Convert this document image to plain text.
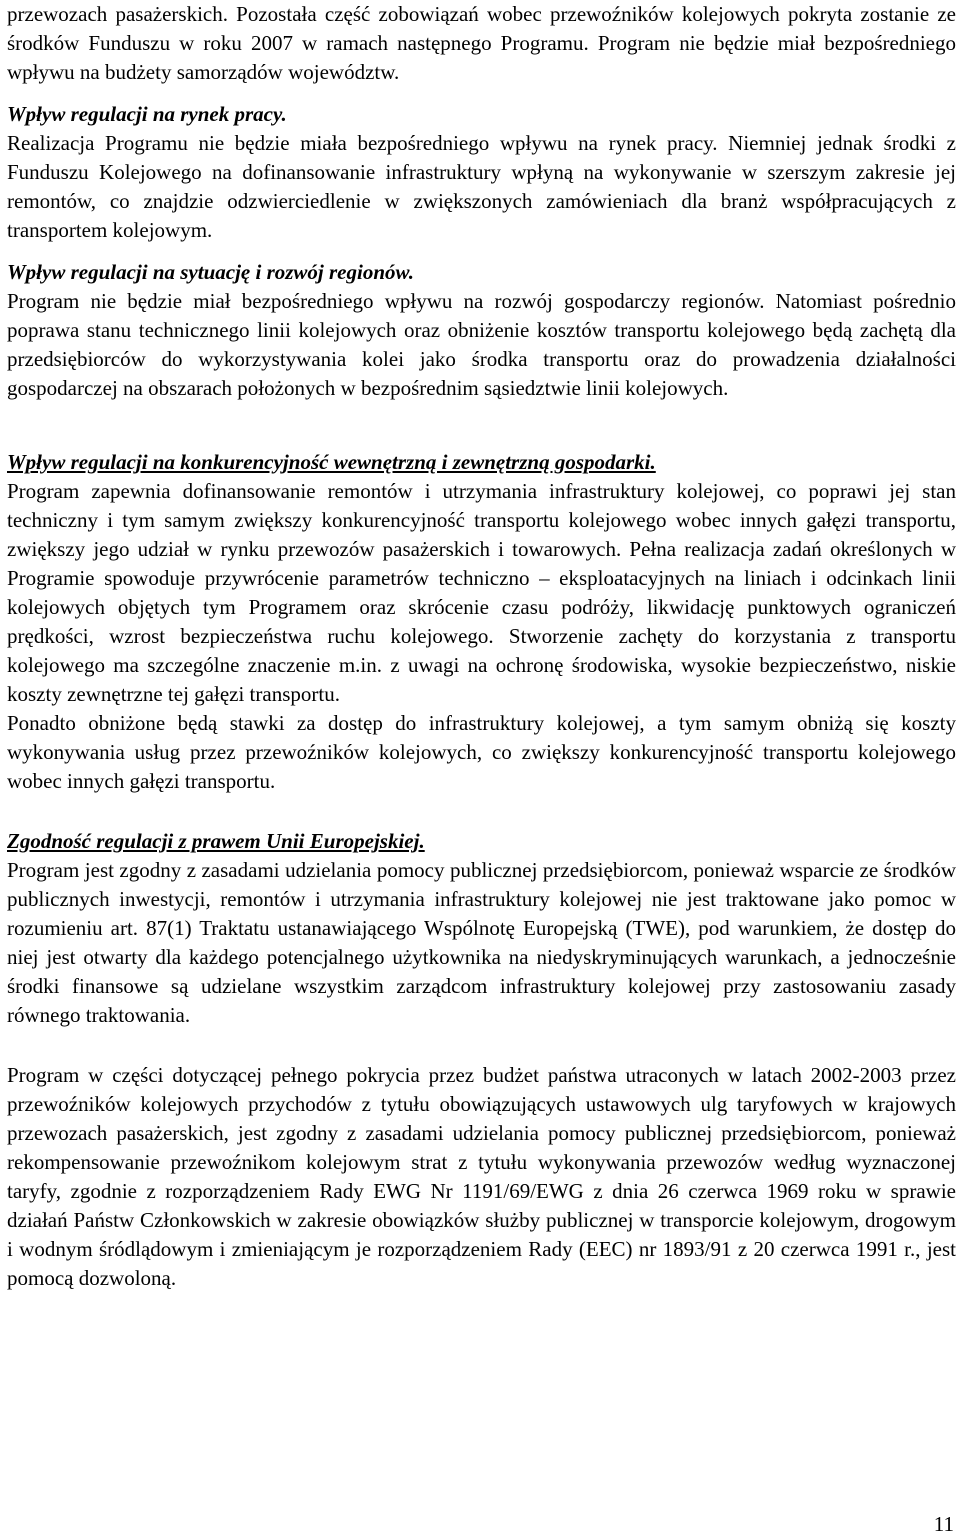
przewozach pasażerskich. Pozostała część zobowiązań wobec przewoźników kolejowych pokryta zostanie ze środków Funduszu w roku 2007 w ramach następnego Programu. Program nie będzie miał bezpośredniego wpływu na budżety samorządów województw.

Wpływ regulacji na rynek pracy.

Realizacja Programu nie będzie miała bezpośredniego wpływu na rynek pracy. Niemniej jednak środki z Funduszu Kolejowego na dofinansowanie infrastruktury wpłyną na wykonywanie w szerszym zakresie jej remontów, co znajdzie odzwierciedlenie w zwiększonych zamówieniach dla branż współpracujących z transportem kolejowym.

Wpływ regulacji na sytuację i rozwój regionów.

Program nie będzie miał bezpośredniego wpływu na rozwój gospodarczy regionów. Natomiast pośrednio poprawa stanu technicznego linii kolejowych oraz obniżenie kosztów transportu kolejowego będą zachętą dla przedsiębiorców do wykorzystywania kolei jako środka transportu oraz do prowadzenia działalności gospodarczej na obszarach położonych w bezpośrednim sąsiedztwie linii kolejowych.

Wpływ regulacji na konkurencyjność wewnętrzną i zewnętrzną gospodarki.

Program zapewnia dofinansowanie remontów i utrzymania infrastruktury kolejowej, co poprawi jej stan techniczny i tym samym zwiększy konkurencyjność transportu kolejowego wobec innych gałęzi transportu, zwiększy jego udział w rynku przewozów pasażerskich i towarowych. Pełna realizacja zadań określonych w Programie spowoduje przywrócenie parametrów techniczno – eksploatacyjnych na liniach i odcinkach linii kolejowych objętych tym Programem oraz skrócenie czasu podróży, likwidację punktowych ograniczeń prędkości, wzrost bezpieczeństwa ruchu kolejowego. Stworzenie zachęty do korzystania z transportu kolejowego ma szczególne znaczenie m.in. z uwagi na ochronę środowiska, wysokie bezpieczeństwo, niskie koszty zewnętrzne tej gałęzi transportu.

Ponadto obniżone będą stawki za dostęp do infrastruktury kolejowej, a tym samym obniżą się koszty wykonywania usług przez przewoźników kolejowych, co zwiększy konkurencyjność transportu kolejowego wobec innych gałęzi transportu.

Zgodność regulacji z prawem Unii Europejskiej.

Program jest zgodny z zasadami udzielania pomocy publicznej przedsiębiorcom, ponieważ wsparcie ze środków publicznych inwestycji, remontów i utrzymania infrastruktury kolejowej nie jest traktowane jako pomoc w rozumieniu art. 87(1) Traktatu ustanawiającego Wspólnotę Europejską (TWE), pod warunkiem, że dostęp do niej jest otwarty dla każdego potencjalnego użytkownika na niedyskryminujących warunkach, a jednocześnie środki finansowe są udzielane wszystkim zarządcom infrastruktury kolejowej przy zastosowaniu zasady równego traktowania.

Program w części dotyczącej pełnego pokrycia przez budżet państwa utraconych w latach 2002-2003 przez przewoźników kolejowych przychodów z tytułu obowiązujących ustawowych ulg taryfowych w krajowych przewozach pasażerskich, jest zgodny z zasadami udzielania pomocy publicznej przedsiębiorcom, ponieważ rekompensowanie przewoźnikom kolejowym strat z tytułu wykonywania przewozów według wyznaczonej taryfy, zgodnie z rozporządzeniem Rady EWG Nr 1191/69/EWG z dnia 26 czerwca 1969 roku w sprawie działań Państw Członkowskich w zakresie obowiązków służby publicznej w transporcie kolejowym, drogowym i wodnym śródlądowym i zmieniającym je rozporządzeniem Rady (EEC) nr 1893/91 z 20 czerwca 1991 r., jest pomocą dozwoloną.

11
